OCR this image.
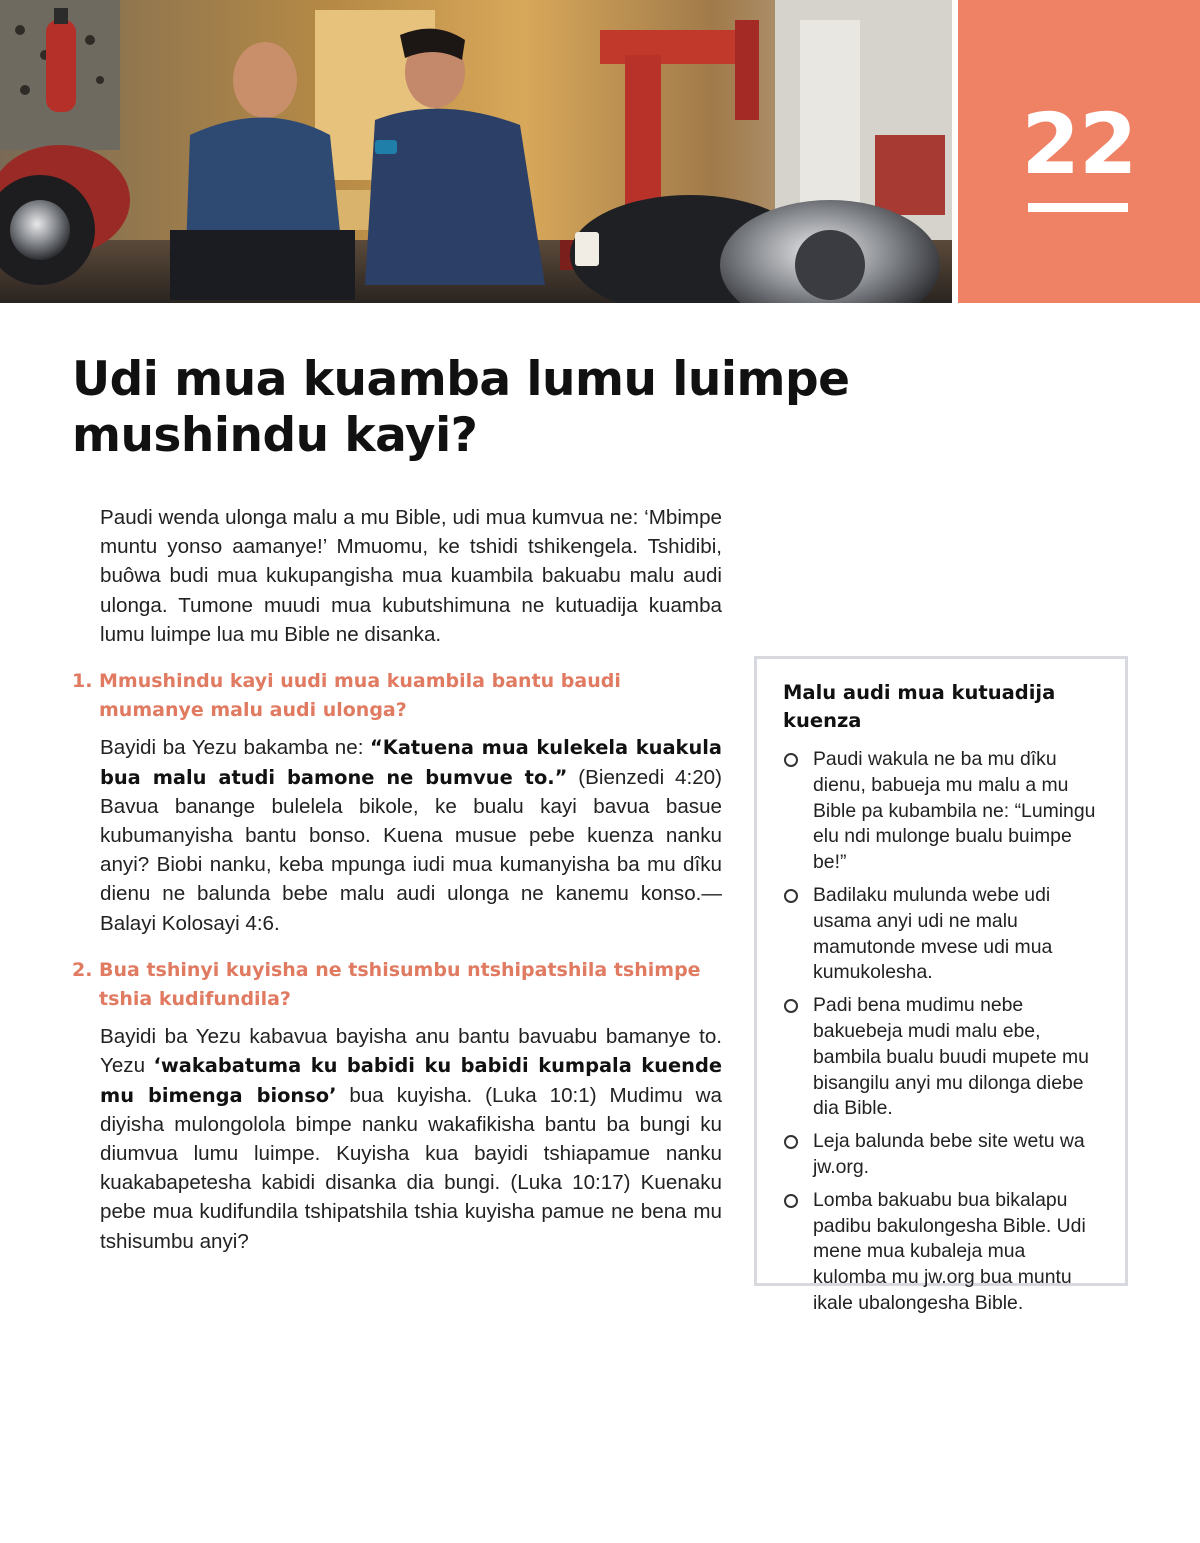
22
Udi mua kuamba lumu luimpe mushindu kayi?

Paudi wenda ulonga malu a mu Bible, udi mua kumvua ne: ‘Mbimpe muntu yonso aamanye!’ Mmuomu, ke tshidi tshikengela. Tshidibi, buôwa budi mua kukupangisha mua kuambila bakuabu malu audi ulonga. Tumone muudi mua kubutshimuna ne kutuadija kuamba lumu luimpe lua mu Bible ne disanka.

1. Mmushindu kayi uudi mua kuambila bantu baudi mumanye malu audi ulonga?

Bayidi ba Yezu bakamba ne: “Katuena mua kulekela kuakula bua malu atudi bamone ne bumvue to.” (Bienzedi 4:20) Bavua banange bulelela bikole, ke bualu kayi bavua basue kubumanyisha bantu bonso. Kuena musue pebe kuenza nanku anyi? Biobi nanku, keba mpunga iudi mua kumanyisha ba mu dîku dienu ne balunda bebe malu audi ulonga ne kanemu konso.—Balayi Kolosayi 4:6.

2. Bua tshinyi kuyisha ne tshisumbu ntshipatshila tshimpe tshia kudifundila?

Bayidi ba Yezu kabavua bayisha anu bantu bavuabu bamanye to. Yezu ‘wakabatuma ku babidi ku babidi kumpala kuende mu bimenga bionso’ bua kuyisha. (Luka 10:1) Mudimu wa diyisha mulongolola bimpe nanku wakafikisha bantu ba bungi ku diumvua lumu luimpe. Kuyisha kua bayidi tshiapamue nanku kuakabapetesha kabidi disanka dia bungi. (Luka 10:17) Kuenaku pebe mua kudifundila tshipatshila tshia kuyisha pamue ne bena mu tshisumbu anyi?

Malu audi mua kutuadija kuenza
Paudi wakula ne ba mu dîku dienu, babueja mu malu a mu Bible pa kubambila ne: “Lumingu elu ndi mulonge bualu buimpe be!”
Badilaku mulunda webe udi usama anyi udi ne malu mamutonde mvese udi mua kumukolesha.
Padi bena mudimu nebe bakuebeja mudi malu ebe, bambila bualu buudi mupete mu bisangilu anyi mu dilonga diebe dia Bible.
Leja balunda bebe site wetu wa jw.org.
Lomba bakuabu bua bikalapu padibu bakulongesha Bible. Udi mene mua kubaleja mua kulomba mu jw.org bua muntu ikale ubalongesha Bible.
